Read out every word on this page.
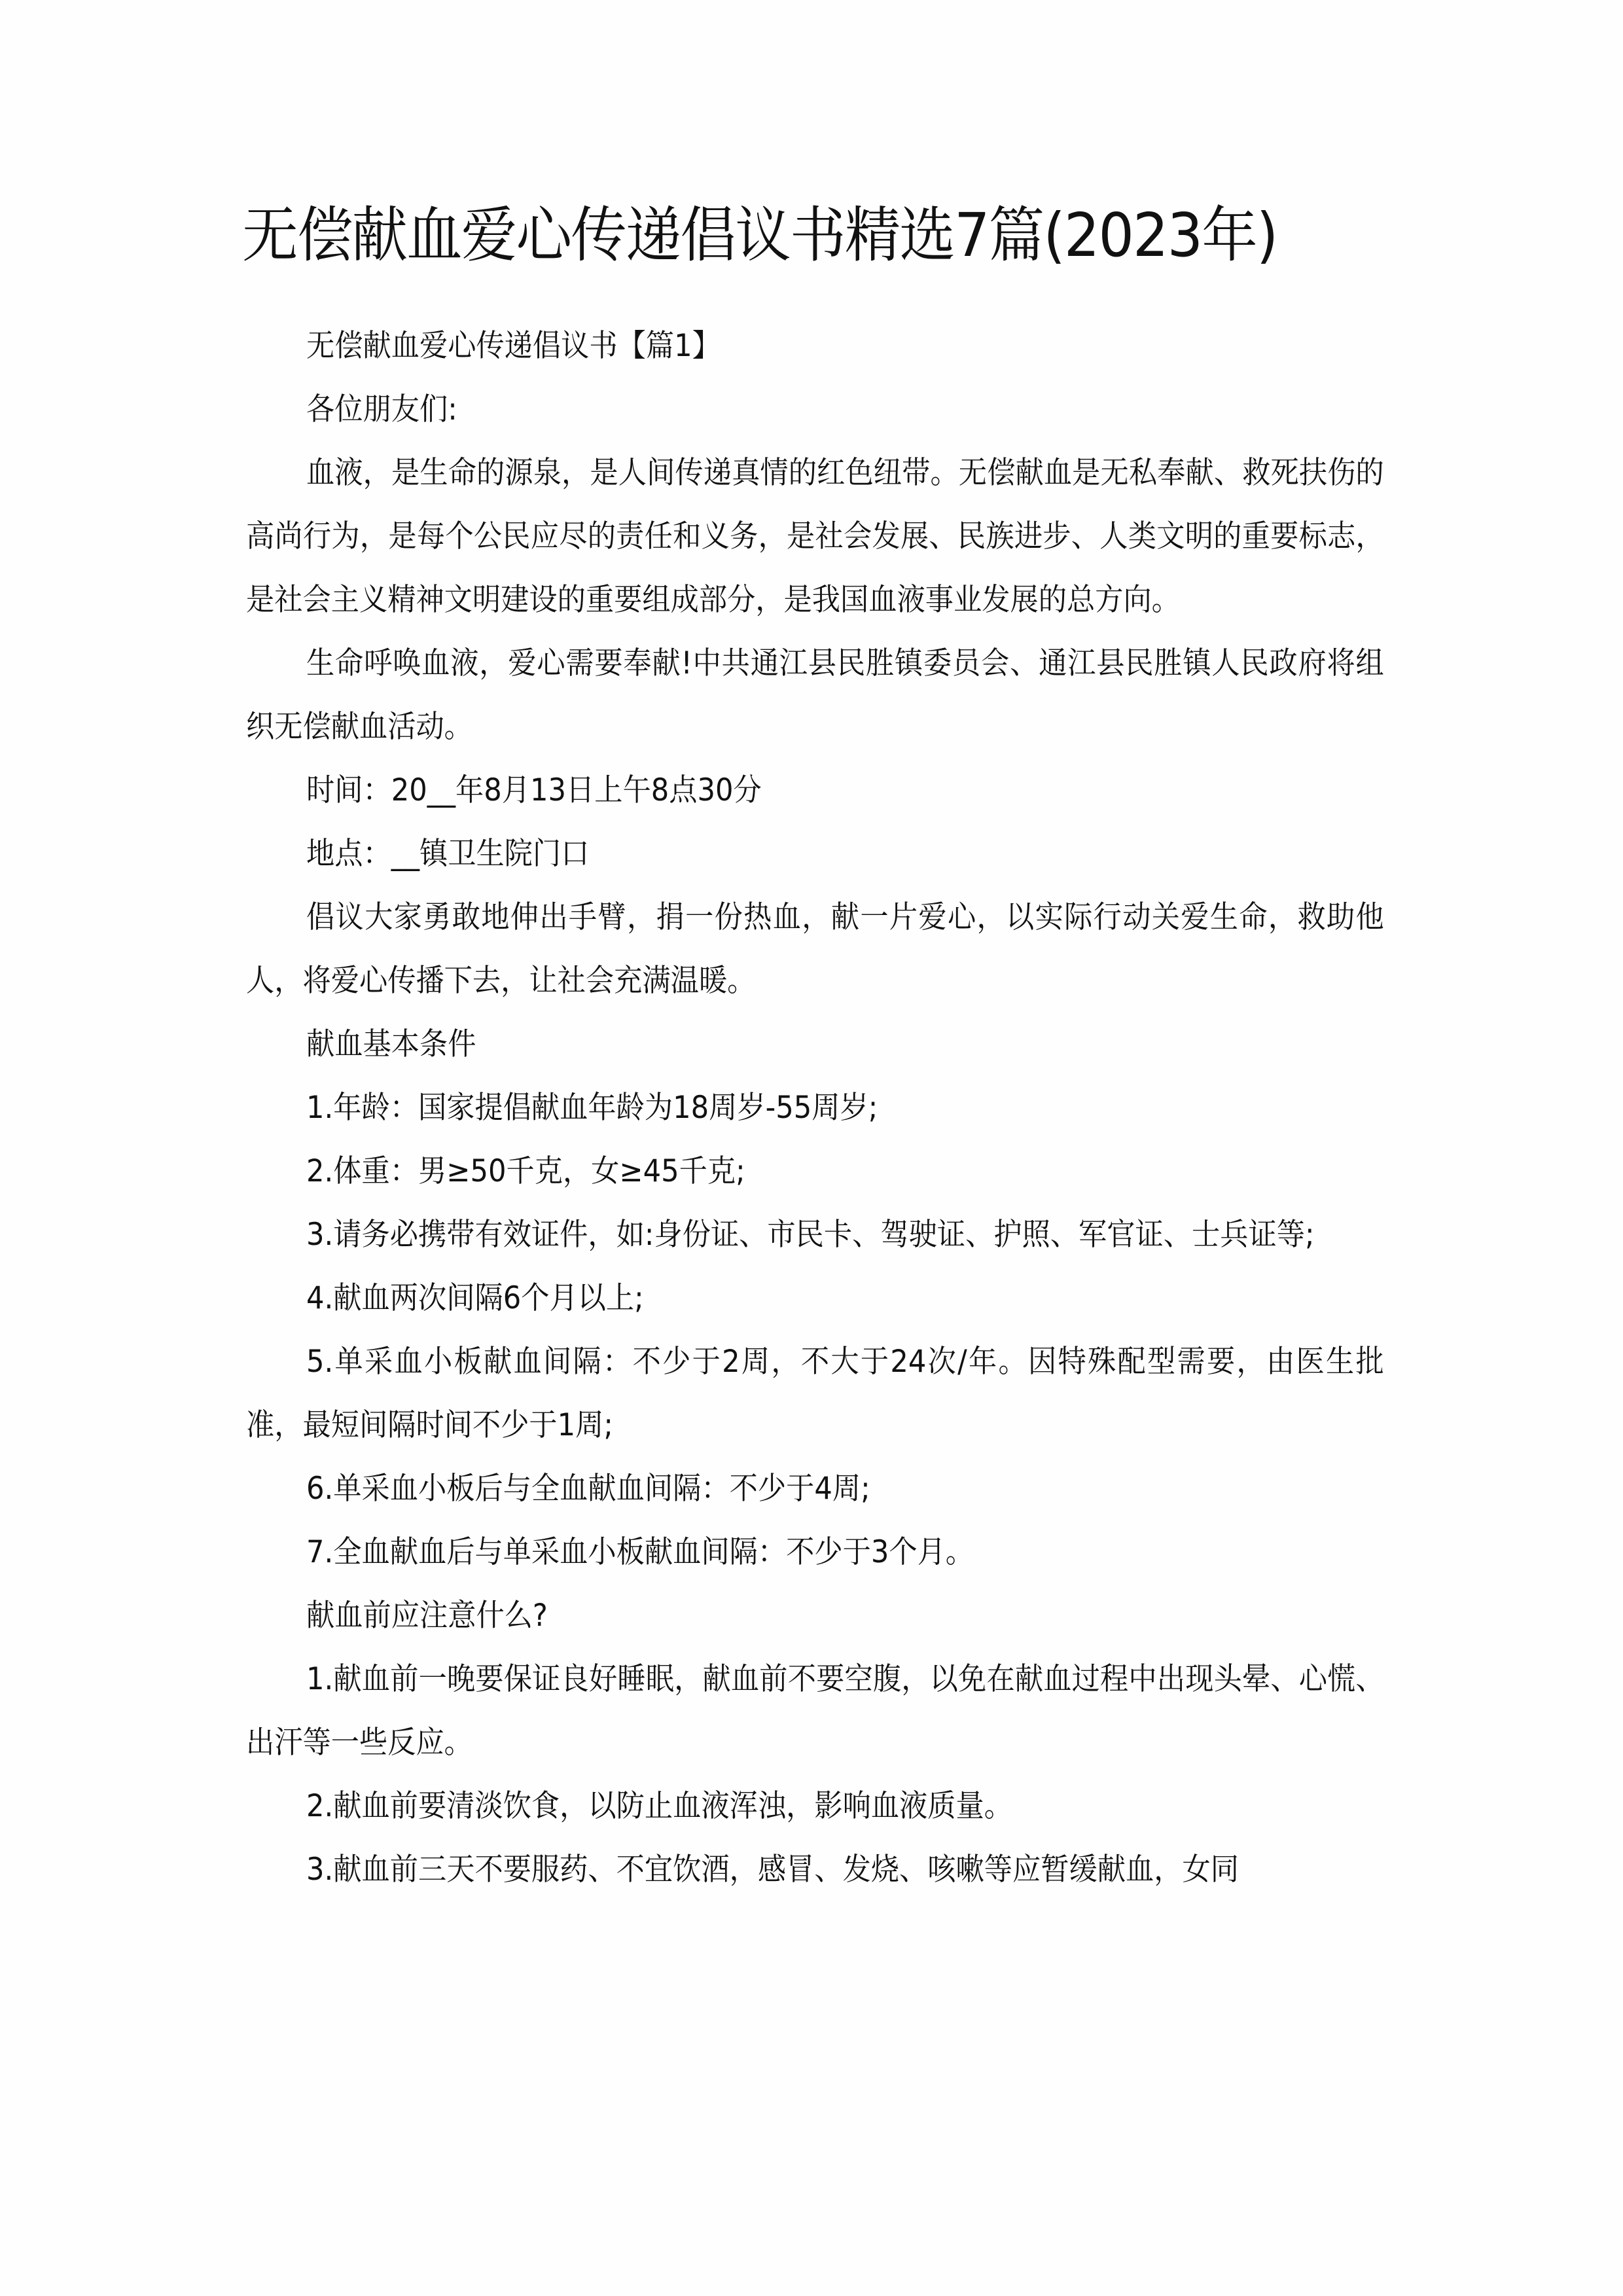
无偿献血爱心传递倡议书精选7篇(2023年)

无偿献血爱心传递倡议书【篇1】

各位朋友们:

血液，是生命的源泉，是人间传递真情的红色纽带。无偿献血是无私奉献、救死扶伤的高尚行为，是每个公民应尽的责任和义务，是社会发展、民族进步、人类文明的重要标志，是社会主义精神文明建设的重要组成部分，是我国血液事业发展的总方向。

生命呼唤血液，爱心需要奉献!中共通江县民胜镇委员会、通江县民胜镇人民政府将组织无偿献血活动。

时间：20__年8月13日上午8点30分

地点：__镇卫生院门口

倡议大家勇敢地伸出手臂，捐一份热血，献一片爱心，以实际行动关爱生命，救助他人，将爱心传播下去，让社会充满温暖。

献血基本条件

1.年龄：国家提倡献血年龄为18周岁-55周岁;

2.体重：男≥50千克，女≥45千克;

3.请务必携带有效证件，如:身份证、市民卡、驾驶证、护照、军官证、士兵证等;

4.献血两次间隔6个月以上;

5.单采血小板献血间隔：不少于2周，不大于24次/年。因特殊配型需要，由医生批准，最短间隔时间不少于1周;

6.单采血小板后与全血献血间隔：不少于4周;

7.全血献血后与单采血小板献血间隔：不少于3个月。

献血前应注意什么?

1.献血前一晚要保证良好睡眠，献血前不要空腹，以免在献血过程中出现头晕、心慌、出汗等一些反应。

2.献血前要清淡饮食，以防止血液浑浊，影响血液质量。

3.献血前三天不要服药、不宜饮酒，感冒、发烧、咳嗽等应暂缓献血，女同
